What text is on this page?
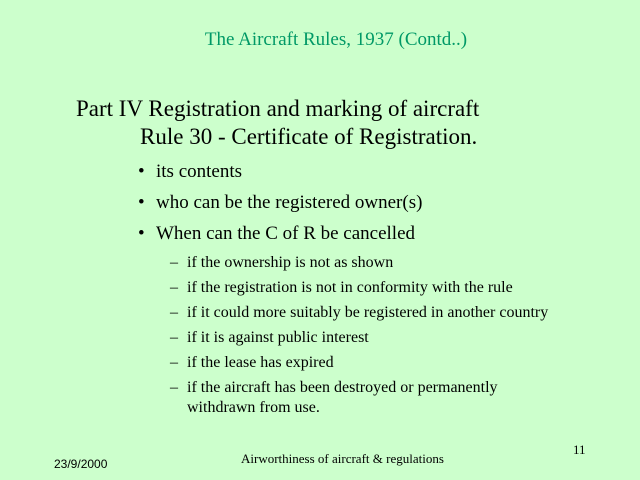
The Aircraft Rules, 1937 (Contd..)
Part IV Registration and marking of aircraft
Rule 30 - Certificate of Registration.
• its contents
• who can be the registered owner(s)
• When can the C of R be cancelled
– if the ownership is not as shown
– if the registration is not in conformity with the rule
– if it could more suitably be registered in another country
– if it is against public interest
– if the lease has expired
– if the aircraft has been destroyed or permanently
withdrawn from use.
23/9/2000	Airworthiness of aircraft & regulations
11
